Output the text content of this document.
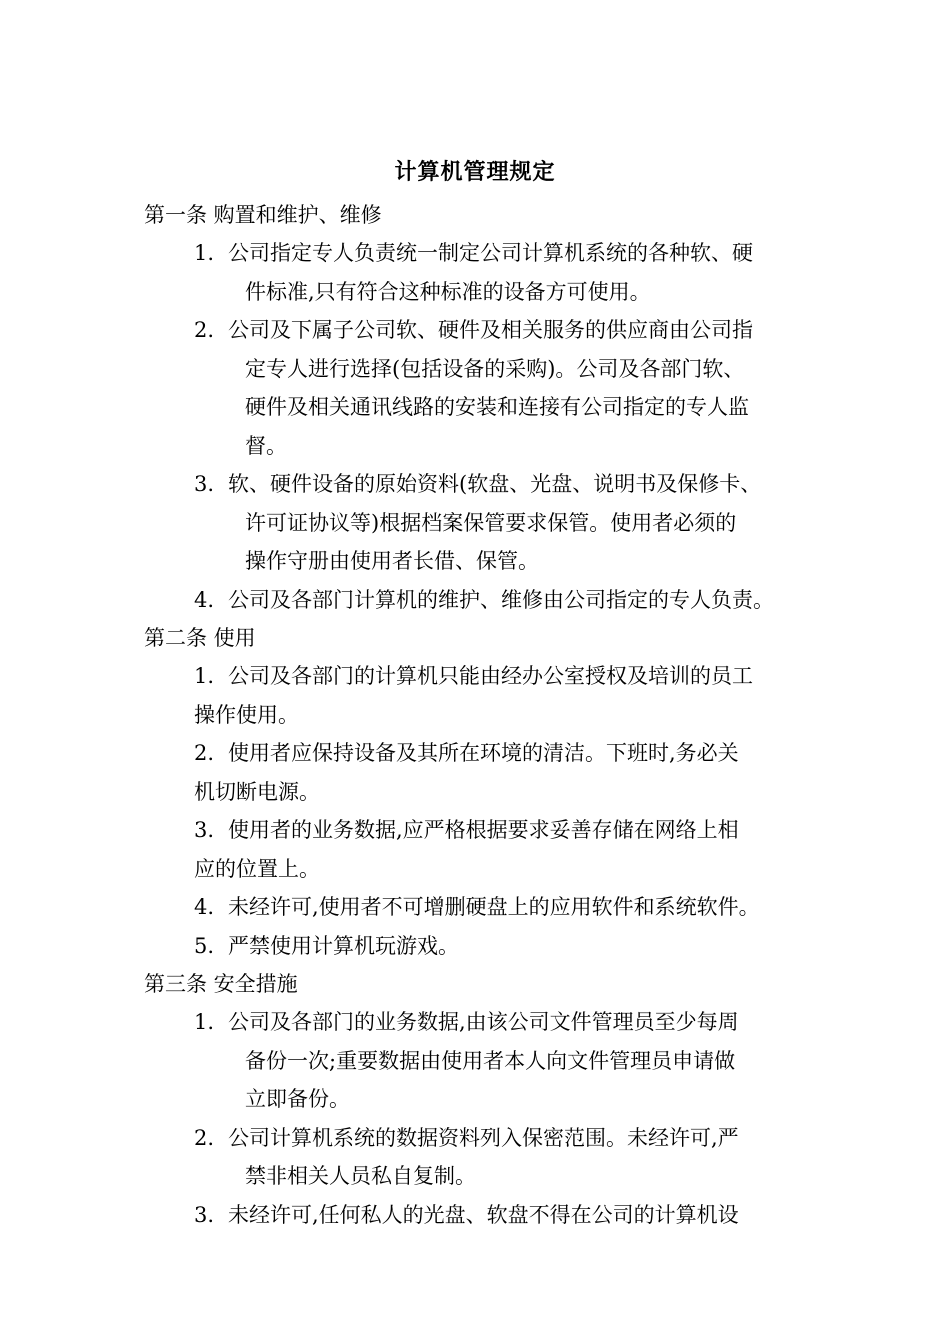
计算机管理规定
第一条 购置和维护、维修
1. 公司指定专人负责统一制定公司计算机系统的各种软、硬
件标准,只有符合这种标准的设备方可使用。
2. 公司及下属子公司软、硬件及相关服务的供应商由公司指
定专人进行选择(包括设备的采购)。公司及各部门软、
硬件及相关通讯线路的安装和连接有公司指定的专人监
督。
3. 软、硬件设备的原始资料(软盘、光盘、说明书及保修卡、
许可证协议等)根据档案保管要求保管。使用者必须的
操作守册由使用者长借、保管。
4. 公司及各部门计算机的维护、维修由公司指定的专人负责。
第二条 使用
1. 公司及各部门的计算机只能由经办公室授权及培训的员工
操作使用。
2. 使用者应保持设备及其所在环境的清洁。下班时,务必关
机切断电源。
3. 使用者的业务数据,应严格根据要求妥善存储在网络上相
应的位置上。
4. 未经许可,使用者不可增删硬盘上的应用软件和系统软件。
5. 严禁使用计算机玩游戏。
第三条 安全措施
1. 公司及各部门的业务数据,由该公司文件管理员至少每周
备份一次;重要数据由使用者本人向文件管理员申请做
立即备份。
2. 公司计算机系统的数据资料列入保密范围。未经许可,严
禁非相关人员私自复制。
3. 未经许可,任何私人的光盘、软盘不得在公司的计算机设
